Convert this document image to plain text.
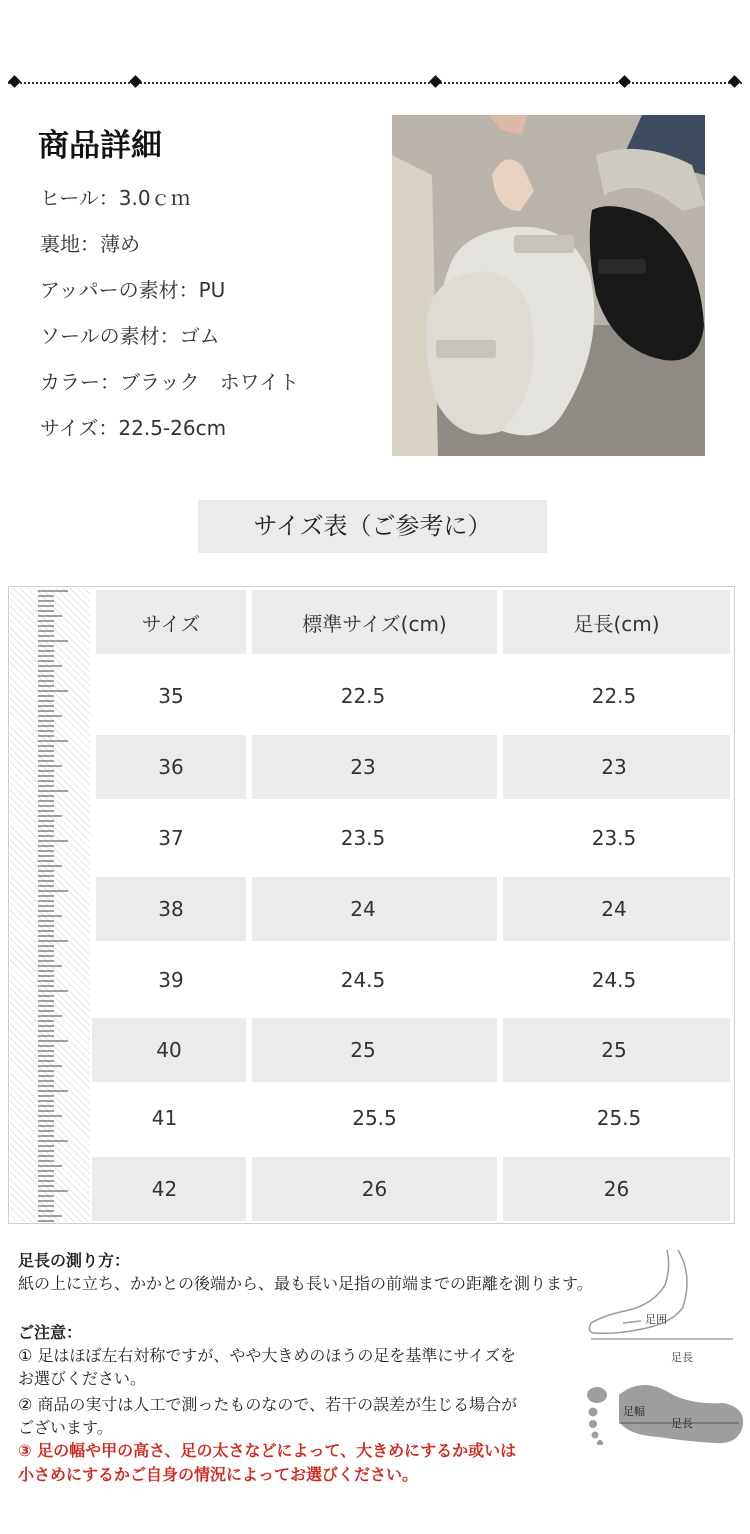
商品詳細
ヒール：3.0ｃｍ
裏地：薄め
アッパーの素材：PU
ソールの素材：ゴム
カラー：ブラック　ホワイト
サイズ：22.5-26cm
サイズ表（ご参考に）
サイズ	標準サイズ(cm)	足長(cm)
35	22.5	22.5
36	23	23
37	23.5	23.5
38	24	24
39	24.5	24.5
40	25	25
41	25.5	25.5
42	26	26
足長の測り方：
紙の上に立ち、かかとの後端から、最も長い足指の前端までの距離を測ります。
ご注意：
① 足はほぼ左右対称ですが、やや大きめのほうの足を基準にサイズを
お選びください。
② 商品の実寸は人工で測ったものなので、若干の誤差が生じる場合が
ございます。
③ 足の幅や甲の高さ、足の太さなどによって、大きめにするか或いは
小さめにするかご自身の情況によってお選びください。
足囲
足長
足幅
足長
